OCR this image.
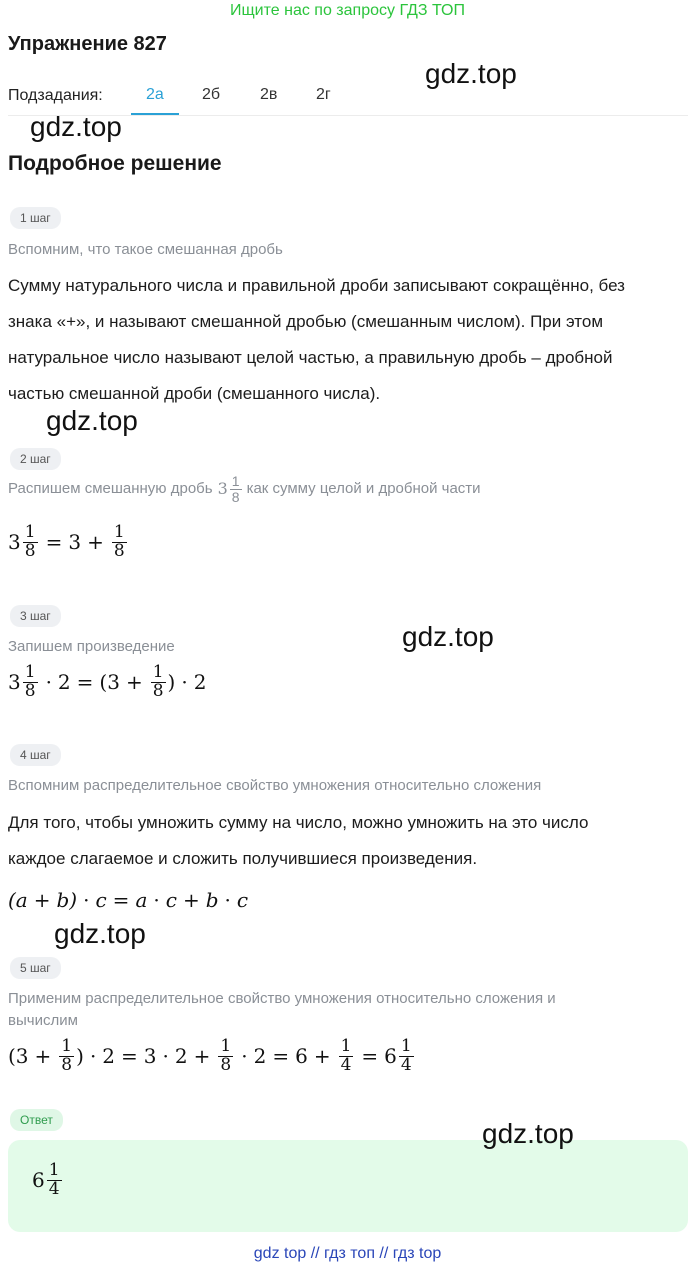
Ищите нас по запросу ГДЗ ТОП
Упражнение 827
Подзадания:	2а 2б 2в 2г
Подробное решение
1 шаг
Вспомним, что такое смешанная дробь
Сумму натурального числа и правильной дроби записывают сокращённо, без
знака «+», и называют смешанной дробью (смешанным числом). При этом
натуральное число называют целой частью, а правильную дробь – дробной
частью смешанной дроби (смешанного числа).
2 шаг
Распишем смешанную дробь $3 \frac{1}{8}$ как сумму целой и дробной части
$3 \frac{1}{8} = 3 + \frac{1}{8}$
3 шаг
Запишем произведение
$3 \frac{1}{8} \cdot 2 = (3 + \frac{1}{8}$ ) · 2
4 шаг
Вспомним распределительное свойство умножения относительно сложения
Для того, чтобы умножить сумму на число, можно умножить на это число
каждое слагаемое и сложить получившиеся произведения.
(a + b) · c = a · c + b · c
5 шаг
Применим распределительное свойство умножения относительно сложения и
вычислим
($3 + \frac{1}{8}$ ) · $2 = 3 \cdot 2 + \frac{1}{8} \cdot 2 = 6 + \frac{1}{4} = 6 \frac{1}{4}$
Ответ
$6 \frac{1}{4}$
gdz.top
gdz.top
gdz.top
gdz.top
gdz.top
gdz.top
gdz top // гдз топ // гдз top
